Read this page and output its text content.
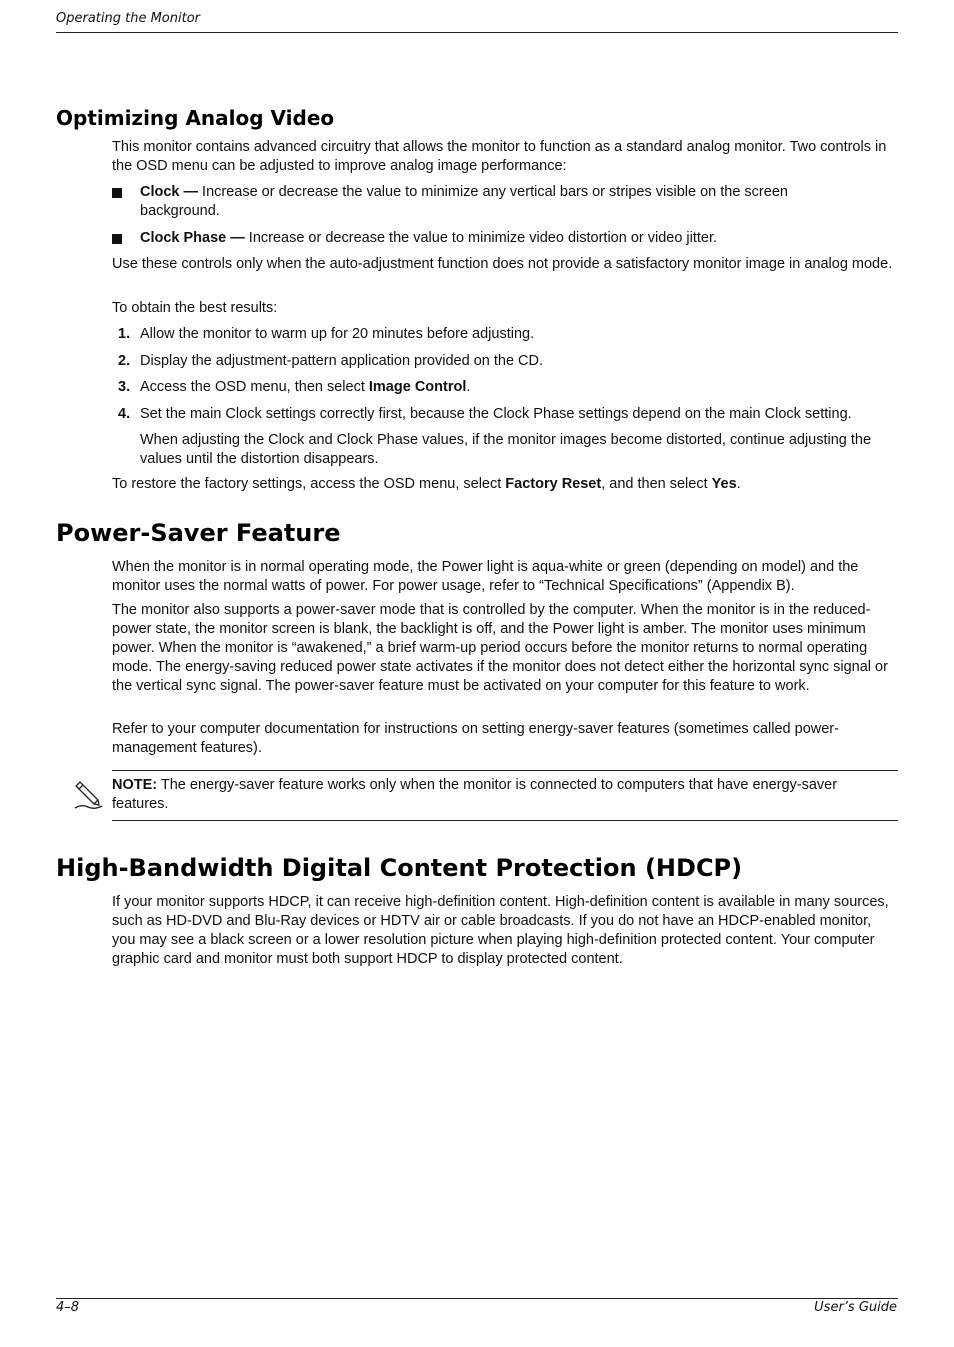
Operating the Monitor
Optimizing Analog Video

This monitor contains advanced circuitry that allows the monitor to function as a standard analog monitor. Two controls in the OSD menu can be adjusted to improve analog image performance:

Clock — Increase or decrease the value to minimize any vertical bars or stripes visible on the screen background.
Clock Phase — Increase or decrease the value to minimize video distortion or video jitter.

Use these controls only when the auto-adjustment function does not provide a satisfactory monitor image in analog mode.

To obtain the best results:

1. Allow the monitor to warm up for 20 minutes before adjusting.
2. Display the adjustment-pattern application provided on the CD.
3. Access the OSD menu, then select Image Control.
4. Set the main Clock settings correctly first, because the Clock Phase settings depend on the main Clock setting.
When adjusting the Clock and Clock Phase values, if the monitor images become distorted, continue adjusting the values until the distortion disappears.

To restore the factory settings, access the OSD menu, select Factory Reset, and then select Yes.

Power-Saver Feature

When the monitor is in normal operating mode, the Power light is aqua-white or green (depending on model) and the monitor uses the normal watts of power. For power usage, refer to “Technical Specifications” (Appendix B).

The monitor also supports a power-saver mode that is controlled by the computer. When the monitor is in the reduced-power state, the monitor screen is blank, the backlight is off, and the Power light is amber. The monitor uses minimum power. When the monitor is “awakened,” a brief warm-up period occurs before the monitor returns to normal operating mode. The energy-saving reduced power state activates if the monitor does not detect either the horizontal sync signal or the vertical sync signal. The power-saver feature must be activated on your computer for this feature to work.

Refer to your computer documentation for instructions on setting energy-saver features (sometimes called power-management features).

NOTE: The energy-saver feature works only when the monitor is connected to computers that have energy-saver features.

High-Bandwidth Digital Content Protection (HDCP)

If your monitor supports HDCP, it can receive high-definition content. High-definition content is available in many sources, such as HD-DVD and Blu-Ray devices or HDTV air or cable broadcasts. If you do not have an HDCP-enabled monitor, you may see a black screen or a lower resolution picture when playing high-definition protected content. Your computer graphic card and monitor must both support HDCP to display protected content.

4–8	User’s Guide
